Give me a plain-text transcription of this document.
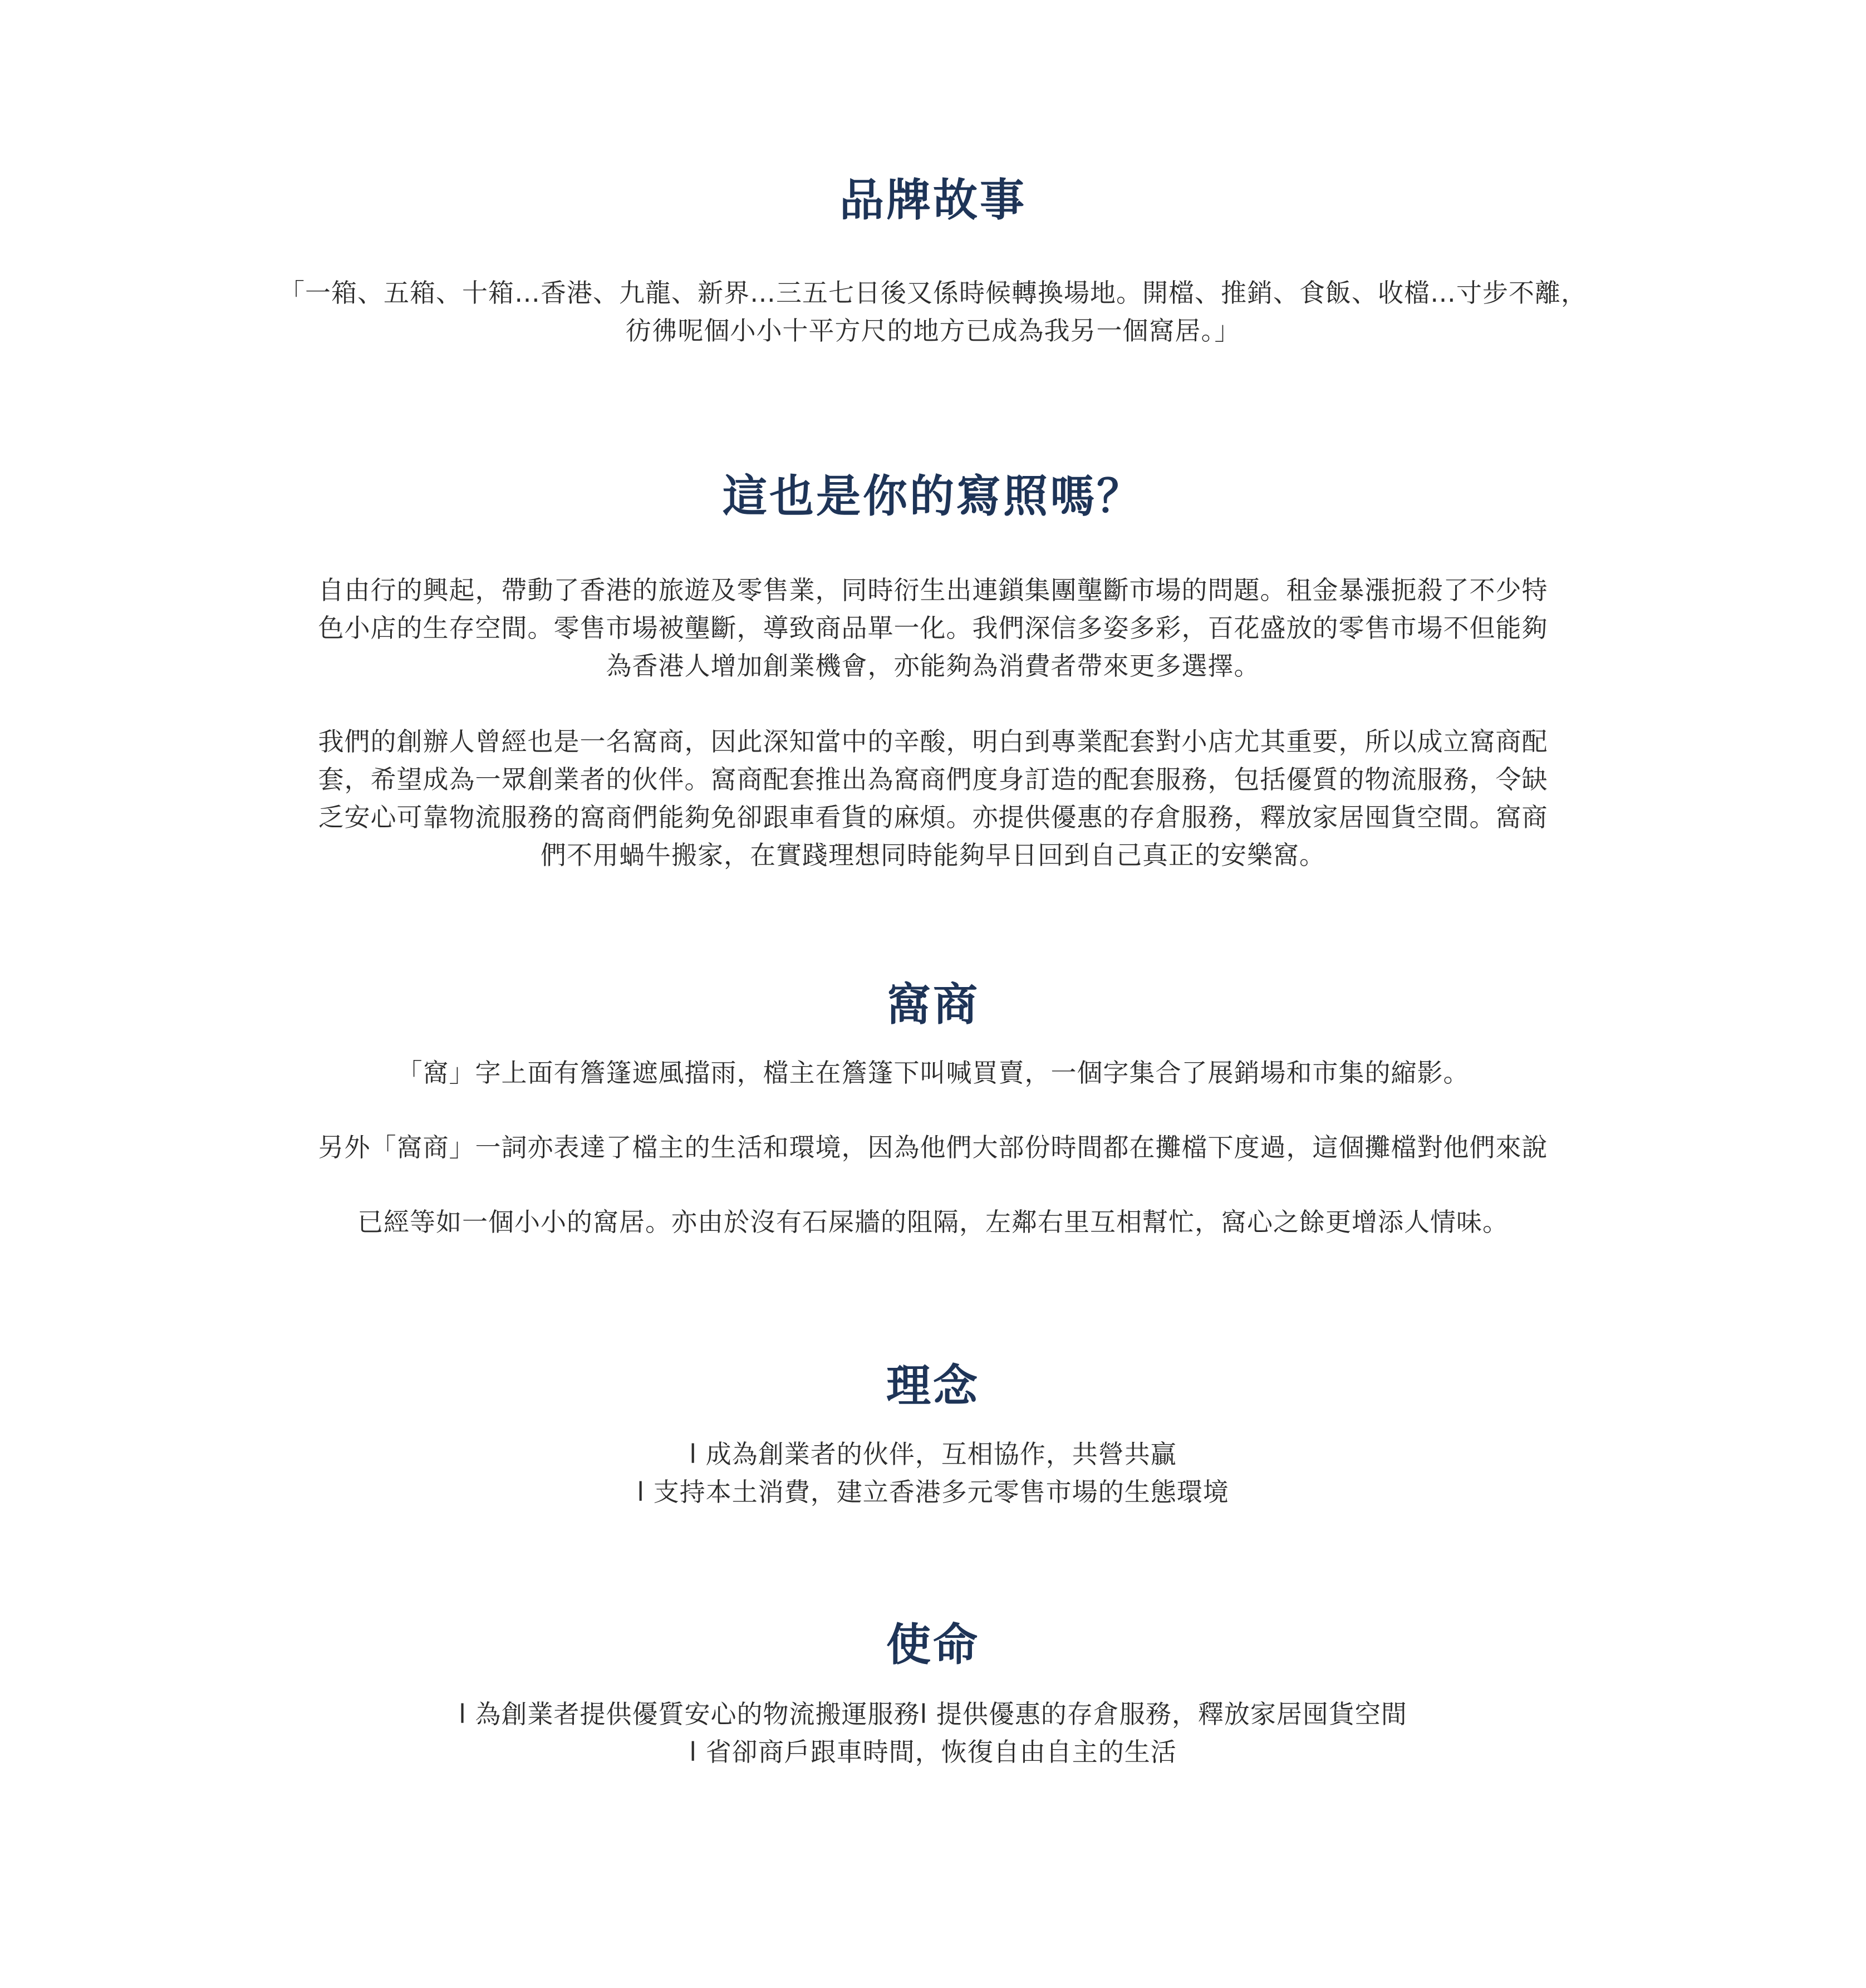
品牌故事

「一箱、五箱、十箱…香港、九龍、新界…三五七日後又係時候轉換場地。開檔、推銷、食飯、收檔…寸步不離，
彷彿呢個小小十平方尺的地方已成為我另一個窩居。」

這也是你的寫照嗎？

自由行的興起，帶動了香港的旅遊及零售業，同時衍生出連鎖集團壟斷市場的問題。租金暴漲扼殺了不少特
色小店的生存空間。零售市場被壟斷，導致商品單一化。我們深信多姿多彩，百花盛放的零售市場不但能夠
為香港人增加創業機會，亦能夠為消費者帶來更多選擇。

我們的創辦人曾經也是一名窩商，因此深知當中的辛酸，明白到專業配套對小店尤其重要，所以成立窩商配
套，希望成為一眾創業者的伙伴。窩商配套推出為窩商們度身訂造的配套服務，包括優質的物流服務，令缺
乏安心可靠物流服務的窩商們能夠免卻跟車看貨的麻煩。亦提供優惠的存倉服務，釋放家居囤貨空間。窩商
們不用蝸牛搬家，在實踐理想同時能夠早日回到自己真正的安樂窩。

窩商

「窩」字上面有簷篷遮風擋雨，檔主在簷篷下叫喊買賣，一個字集合了展銷場和市集的縮影。

另外「窩商」一詞亦表達了檔主的生活和環境，因為他們大部份時間都在攤檔下度過，這個攤檔對他們來說

已經等如一個小小的窩居。亦由於沒有石屎牆的阻隔，左鄰右里互相幫忙，窩心之餘更增添人情味。

理念

l 成為創業者的伙伴，互相協作，共營共贏
l 支持本土消費，建立香港多元零售市場的生態環境

使命

l 為創業者提供優質安心的物流搬運服務l 提供優惠的存倉服務，釋放家居囤貨空間
l 省卻商戶跟車時間，恢復自由自主的生活
